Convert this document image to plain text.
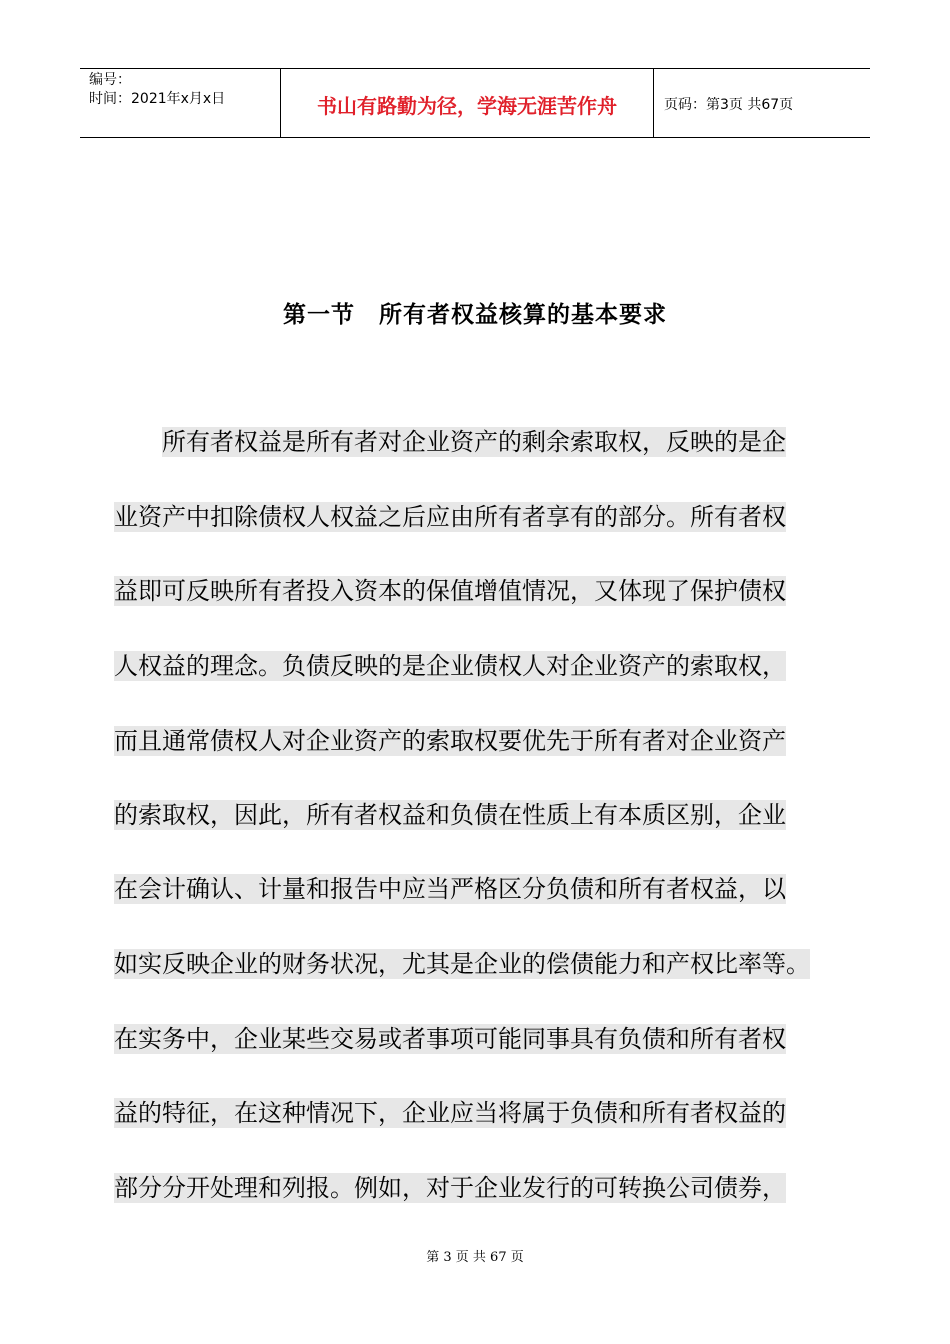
编号：
时间：2021年x月x日	书山有路勤为径，学海无涯苦作舟	页码：第3页 共67页
第一节　所有者权益核算的基本要求
所有者权益是所有者对企业资产的剩余索取权，反映的是企
业资产中扣除债权人权益之后应由所有者享有的部分。所有者权
益即可反映所有者投入资本的保值增值情况，又体现了保护债权
人权益的理念。负债反映的是企业债权人对企业资产的索取权，
而且通常债权人对企业资产的索取权要优先于所有者对企业资产
的索取权，因此，所有者权益和负债在性质上有本质区别，企业
在会计确认、计量和报告中应当严格区分负债和所有者权益，以
如实反映企业的财务状况，尤其是企业的偿债能力和产权比率等。
在实务中，企业某些交易或者事项可能同事具有负债和所有者权
益的特征，在这种情况下，企业应当将属于负债和所有者权益的
部分分开处理和列报。例如，对于企业发行的可转换公司债券，
第 3 页 共 67 页
